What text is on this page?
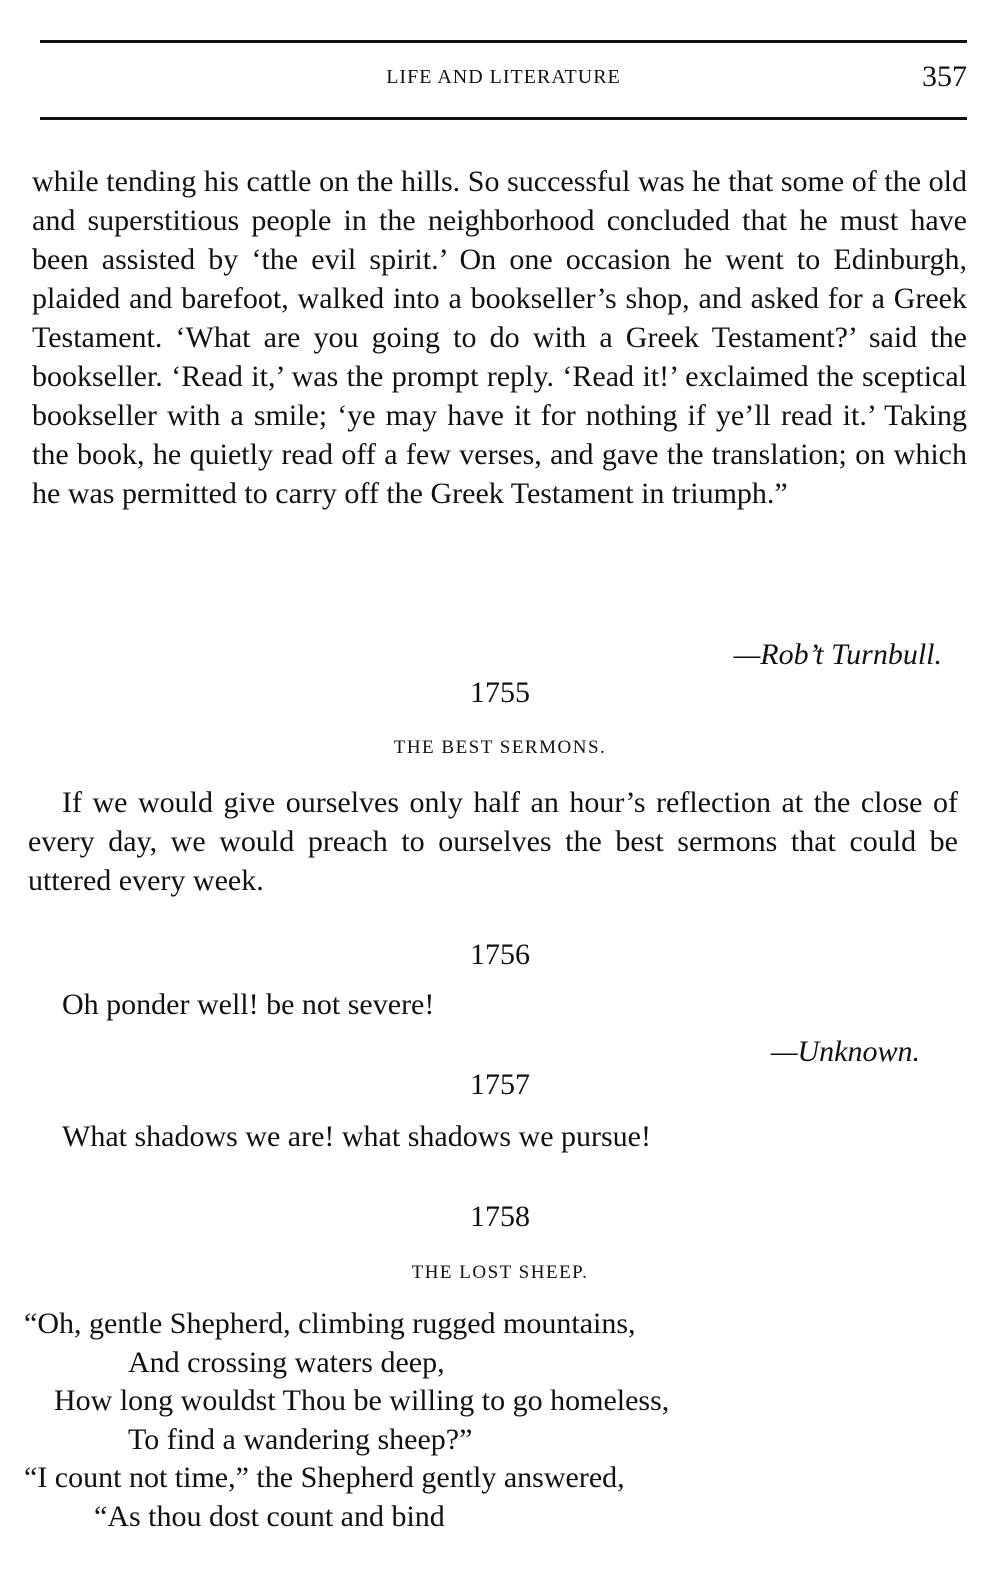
LIFE AND LITERATURE	357

while tending his cattle on the hills. So successful was he that some of the old and superstitious people in the neighborhood concluded that he must have been assisted by ‘the evil spirit.’ On one occasion he went to Edinburgh, plaided and barefoot, walked into a bookseller’s shop, and asked for a Greek Testament. ‘What are you going to do with a Greek Testament?’ said the bookseller. ‘Read it,’ was the prompt reply. ‘Read it!’ exclaimed the sceptical bookseller with a smile; ‘ye may have it for nothing if ye’ll read it.’ Taking the book, he quietly read off a few verses, and gave the translation; on which he was permitted to carry off the Greek Testament in triumph.”

—Rob’t Turnbull.

1755

THE BEST SERMONS.

If we would give ourselves only half an hour’s reflection at the close of every day, we would preach to ourselves the best sermons that could be uttered every week.

1756

Oh ponder well! be not severe!

—Unknown.

1757

What shadows we are! what shadows we pursue!

1758

THE LOST SHEEP.

“Oh, gentle Shepherd, climbing rugged mountains,
And crossing waters deep,
How long wouldst Thou be willing to go homeless,
To find a wandering sheep?”
“I count not time,” the Shepherd gently answered,
“As thou dost count and bind
